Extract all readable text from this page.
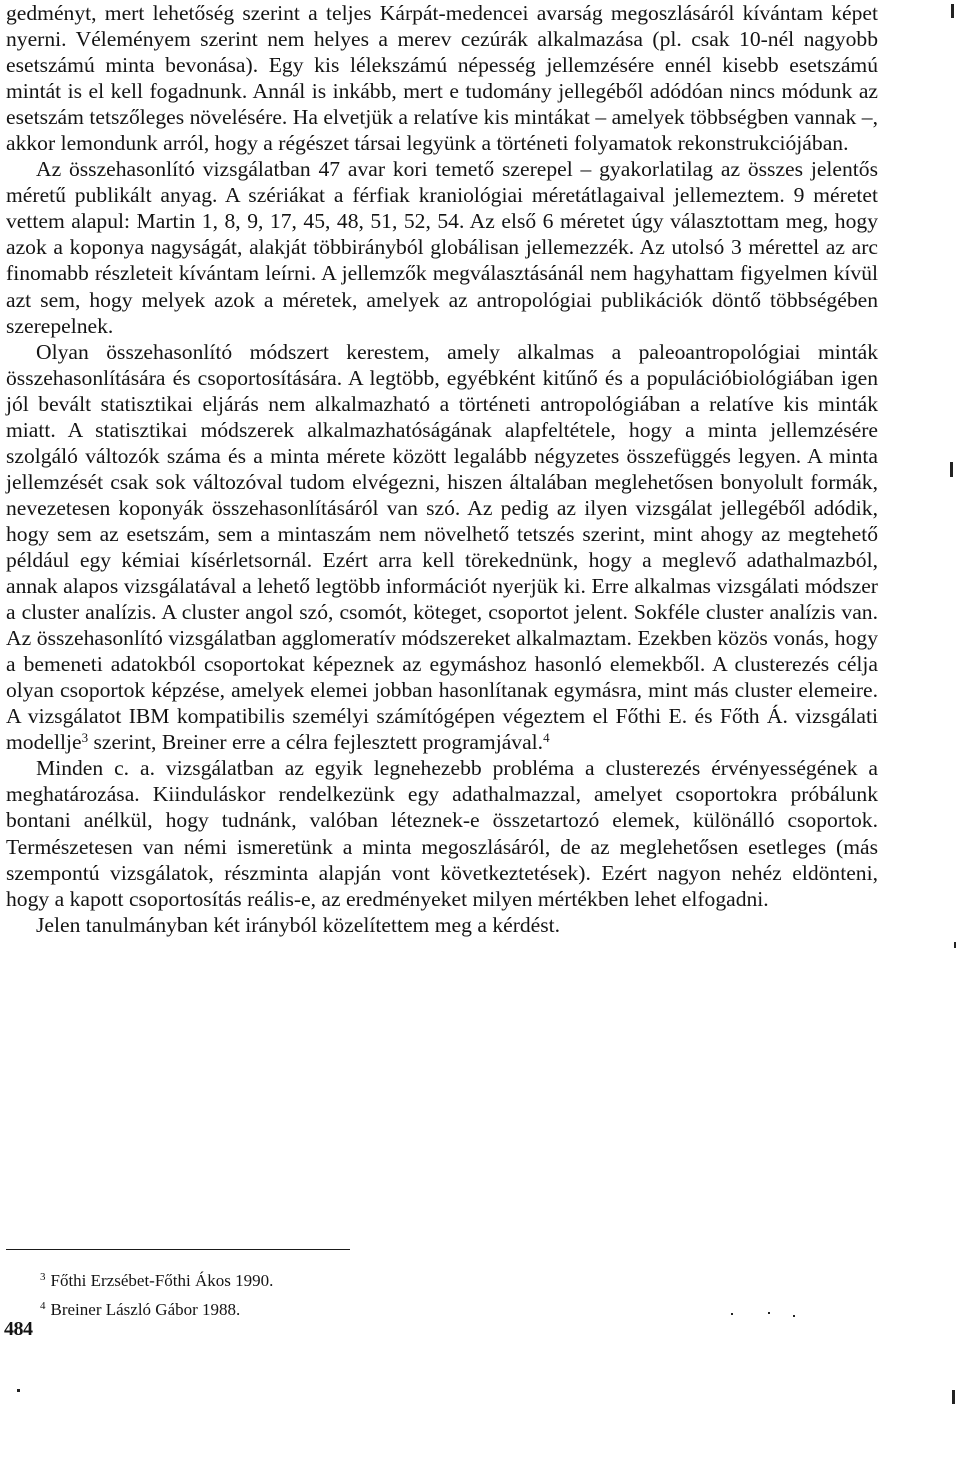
gedményt, mert lehetőség szerint a teljes Kárpát-medencei avarság megoszlásáról kívántam képet nyerni. Véleményem szerint nem helyes a merev cezúrák alkalmazása (pl. csak 10-nél nagyobb esetszámú minta bevonása). Egy kis lélekszámú népesség jellemzésére ennél kisebb esetszámú mintát is el kell fogadnunk. Annál is inkább, mert e tudomány jellegéből adódóan nincs módunk az esetszám tetszőleges növelésére. Ha elvetjük a relatíve kis mintákat – amelyek többségben vannak –, akkor lemondunk arról, hogy a régészet társai legyünk a történeti folyamatok rekonstrukciójában.

Az összehasonlító vizsgálatban 47 avar kori temető szerepel – gyakorlatilag az összes jelentős méretű publikált anyag. A szériákat a férfiak kraniológiai méretátlagaival jellemeztem. 9 méretet vettem alapul: Martin 1, 8, 9, 17, 45, 48, 51, 52, 54. Az első 6 méretet úgy választottam meg, hogy azok a koponya nagyságát, alakját többirányból globálisan jellemezzék. Az utolsó 3 mérettel az arc finomabb részleteit kívántam leírni. A jellemzők megválasztásánál nem hagyhattam figyelmen kívül azt sem, hogy melyek azok a méretek, amelyek az antropológiai publikációk döntő többségében szerepelnek.

Olyan összehasonlító módszert kerestem, amely alkalmas a paleoantropológiai minták összehasonlítására és csoportosítására. A legtöbb, egyébként kitűnő és a populációbiológiában igen jól bevált statisztikai eljárás nem alkalmazható a történeti antropológiában a relatíve kis minták miatt. A statisztikai módszerek alkalmazhatóságának alapfeltétele, hogy a minta jellemzésére szolgáló változók száma és a minta mérete között legalább négyzetes összefüggés legyen. A minta jellemzését csak sok változóval tudom elvégezni, hiszen általában meglehetősen bonyolult formák, nevezetesen koponyák összehasonlításáról van szó. Az pedig az ilyen vizsgálat jellegéből adódik, hogy sem az esetszám, sem a mintaszám nem növelhető tetszés szerint, mint ahogy az megtehető például egy kémiai kísérletsornál. Ezért arra kell törekednünk, hogy a meglevő adathalmazból, annak alapos vizsgálatával a lehető legtöbb információt nyerjük ki. Erre alkalmas vizsgálati módszer a cluster analízis. A cluster angol szó, csomót, köteget, csoportot jelent. Sokféle cluster analízis van. Az összehasonlító vizsgálatban agglomeratív módszereket alkalmaztam. Ezekben közös vonás, hogy a bemeneti adatokból csoportokat képeznek az egymáshoz hasonló elemekből. A clusterezés célja olyan csoportok képzése, amelyek elemei jobban hasonlítanak egymásra, mint más cluster elemeire. A vizsgálatot IBM kompatibilis személyi számítógépen végeztem el Főthi E. és Főth Á. vizsgálati modellje$^3$ szerint, Breiner erre a célra fejlesztett programjával.$^4$

Minden c. a. vizsgálatban az egyik legnehezebb probléma a clusterezés érvényességének a meghatározása. Kiinduláskor rendelkezünk egy adathalmazzal, amelyet csoportokra próbálunk bontani anélkül, hogy tudnánk, valóban léteznek-e összetartozó elemek, különálló csoportok. Természetesen van némi ismeretünk a minta megoszlásáról, de az meglehetősen esetleges (más szempontú vizsgálatok, részminta alapján vont következtetések). Ezért nagyon nehéz eldönteni, hogy a kapott csoportosítás reális-e, az eredményeket milyen mértékben lehet elfogadni.

Jelen tanulmányban két irányból közelítettem meg a kérdést.

$^3$ Főthi Erzsébet-Főthi Ákos 1990.
$^4$ Breiner László Gábor 1988.
484
